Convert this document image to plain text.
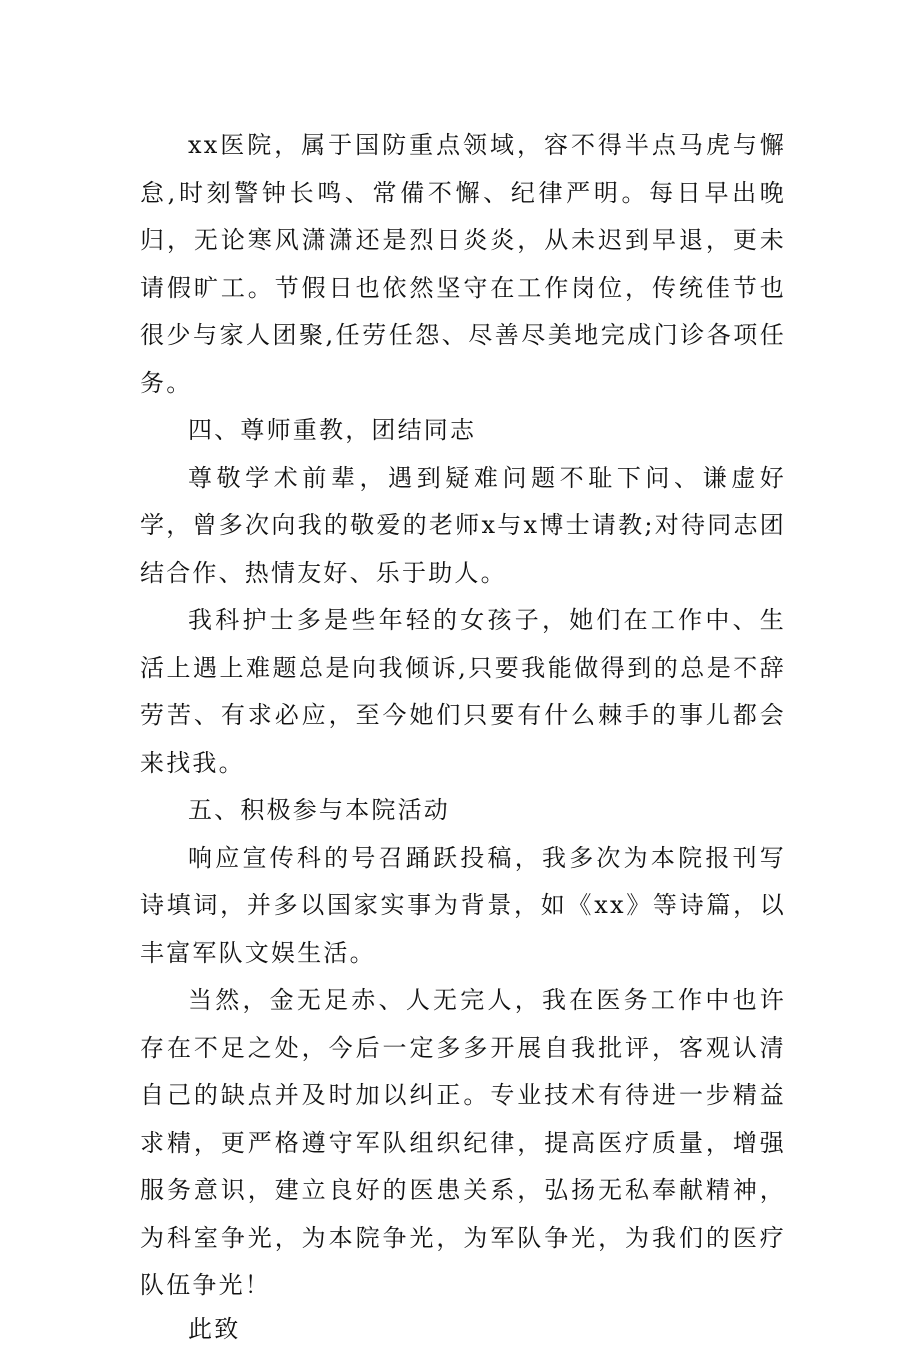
xx医院，属于国防重点领域，容不得半点马虎与懈怠,时刻警钟长鸣、常備不懈、纪律严明。每日早出晚归，无论寒风潇潇还是烈日炎炎，从未迟到早退，更未请假旷工。节假日也依然坚守在工作岗位，传统佳节也很少与家人团聚,任劳任怨、尽善尽美地完成门诊各项任务。

四、尊师重教，团结同志

尊敬学术前辈，遇到疑难问题不耻下问、谦虚好学，曾多次向我的敬爱的老师x与x博士请教;对待同志团结合作、热情友好、乐于助人。

我科护士多是些年轻的女孩子，她们在工作中、生活上遇上难题总是向我倾诉,只要我能做得到的总是不辞劳苦、有求必应，至今她们只要有什么棘手的事儿都会来找我。

五、积极参与本院活动

响应宣传科的号召踊跃投稿，我多次为本院报刊写诗填词，并多以国家实事为背景，如《xx》等诗篇，以丰富军队文娱生活。

当然，金无足赤、人无完人，我在医务工作中也许存在不足之处，今后一定多多开展自我批评，客观认清自己的缺点并及时加以纠正。专业技术有待进一步精益求精，更严格遵守军队组织纪律，提高医疗质量，增强服务意识，建立良好的医患关系，弘扬无私奉献精神，为科室争光，为本院争光，为军队争光，为我们的医疗队伍争光！

此致
